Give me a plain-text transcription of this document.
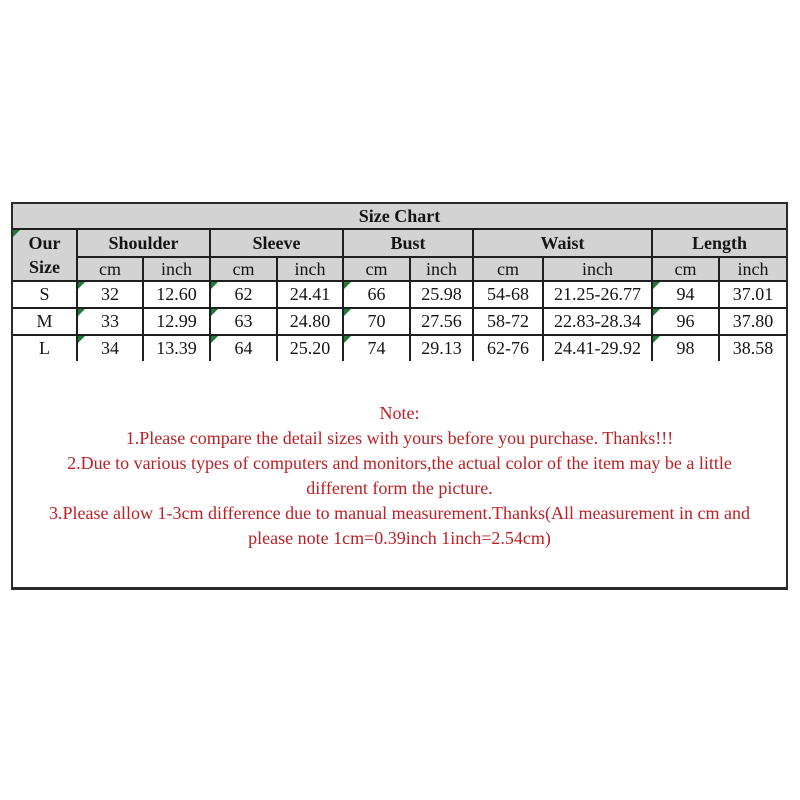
Size Chart										

Our
Size	Shoulder		Sleeve		Bust		Waist		Length	
	cm	inch	cm	inch	cm	inch	cm	inch	cm	inch
S	32	12.60	62	24.41	66	25.98	54-68	21.25-26.77	94	37.01
M	33	12.99	63	24.80	70	27.56	58-72	22.83-28.34	96	37.80
L	34	13.39	64	25.20	74	29.13	62-76	24.41-29.92	98	38.58
Note:
1.Please compare the detail sizes with yours before you purchase. Thanks!!!
2.Due to various types of computers and monitors,the actual color of the item may be a little
different form the picture.
3.Please allow 1-3cm difference due to manual measurement.Thanks(All measurement in cm and
please note 1cm=0.39inch 1inch=2.54cm)
